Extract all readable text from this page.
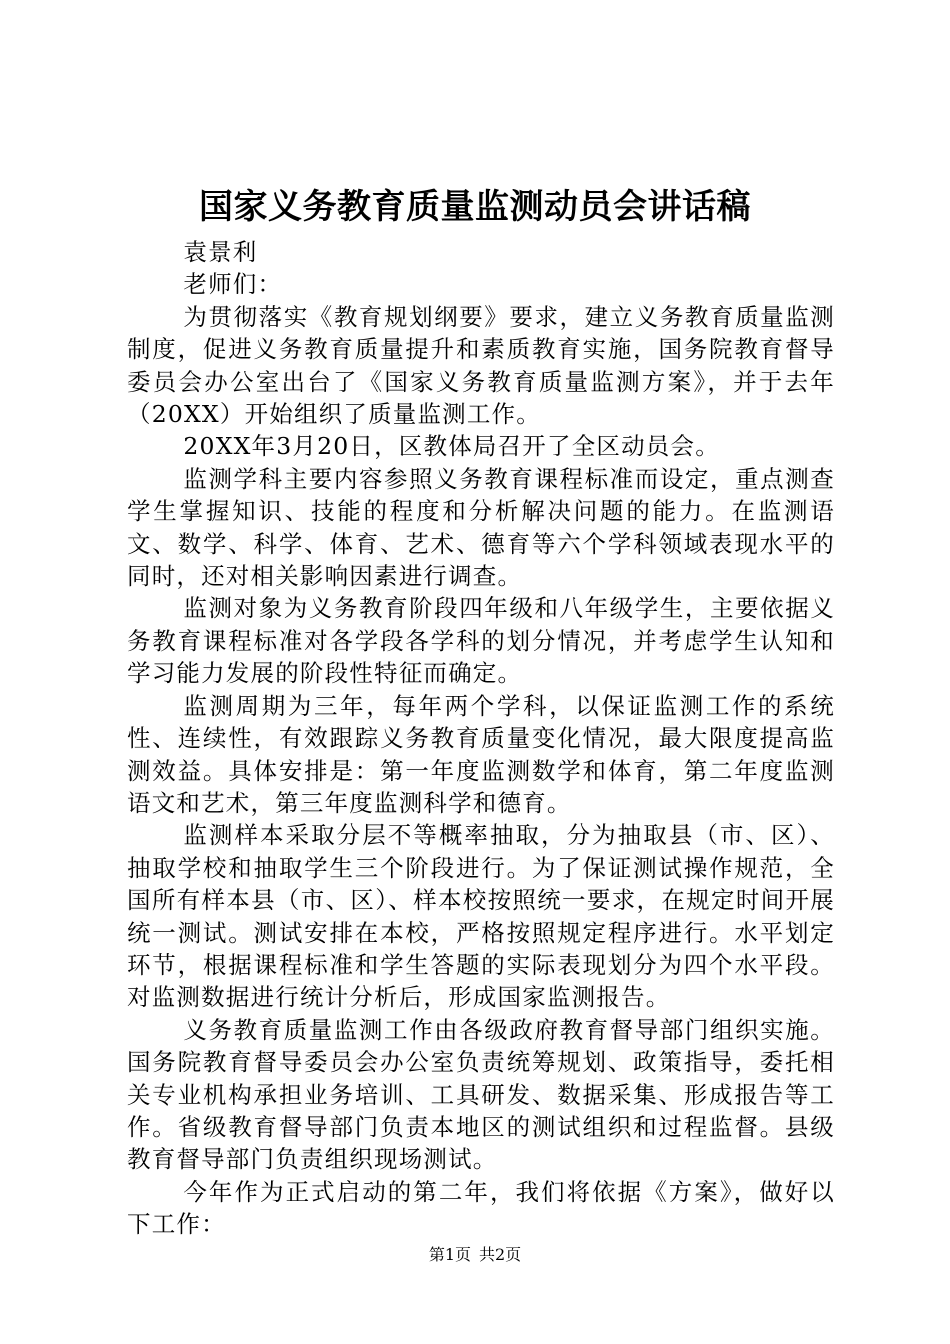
国家义务教育质量监测动员会讲话稿

袁景利

老师们：

为贯彻落实《教育规划纲要》要求，建立义务教育质量监测制度，促进义务教育质量提升和素质教育实施，国务院教育督导委员会办公室出台了《国家义务教育质量监测方案》，并于去年（20XX）开始组织了质量监测工作。

20XX年3月20日，区教体局召开了全区动员会。

监测学科主要内容参照义务教育课程标准而设定，重点测查学生掌握知识、技能的程度和分析解决问题的能力。在监测语文、数学、科学、体育、艺术、德育等六个学科领域表现水平的同时，还对相关影响因素进行调查。

监测对象为义务教育阶段四年级和八年级学生，主要依据义务教育课程标准对各学段各学科的划分情况，并考虑学生认知和学习能力发展的阶段性特征而确定。

监测周期为三年，每年两个学科，以保证监测工作的系统性、连续性，有效跟踪义务教育质量变化情况，最大限度提高监测效益。具体安排是：第一年度监测数学和体育，第二年度监测语文和艺术，第三年度监测科学和德育。

监测样本采取分层不等概率抽取，分为抽取县（市、区）、抽取学校和抽取学生三个阶段进行。为了保证测试操作规范，全国所有样本县（市、区）、样本校按照统一要求，在规定时间开展统一测试。测试安排在本校，严格按照规定程序进行。水平划定环节，根据课程标准和学生答题的实际表现划分为四个水平段。对监测数据进行统计分析后，形成国家监测报告。

义务教育质量监测工作由各级政府教育督导部门组织实施。国务院教育督导委员会办公室负责统筹规划、政策指导，委托相关专业机构承担业务培训、工具研发、数据采集、形成报告等工作。省级教育督导部门负责本地区的测试组织和过程监督。县级教育督导部门负责组织现场测试。

今年作为正式启动的第二年，我们将依据《方案》，做好以下工作：

第1页 共2页
